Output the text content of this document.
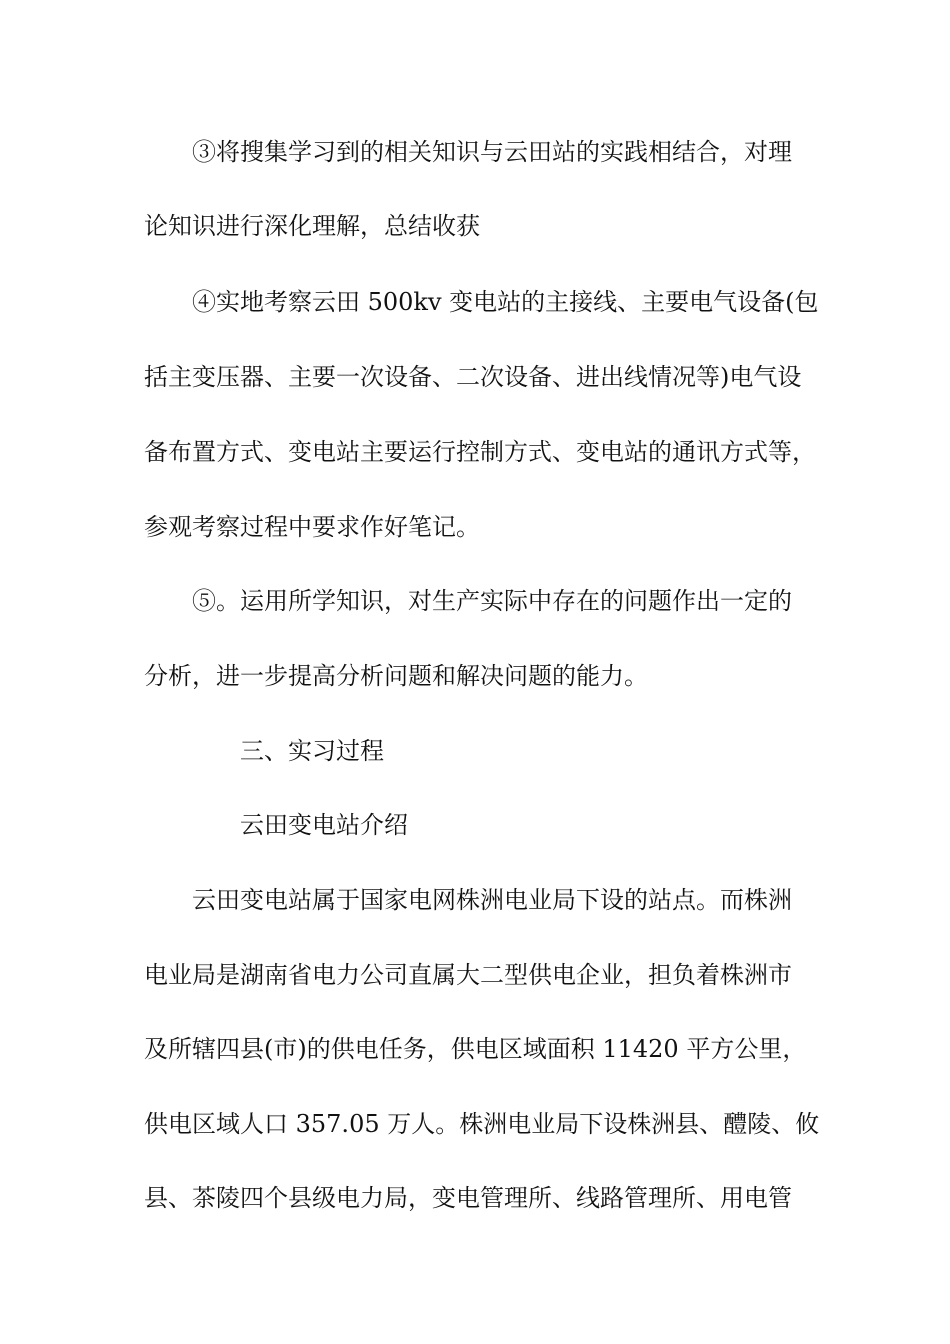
③将搜集学习到的相关知识与云田站的实践相结合，对理
论知识进行深化理解，总结收获
④实地考察云田 500kv 变电站的主接线、主要电气设备(包
括主变压器、主要一次设备、二次设备、进出线情况等)电气设
备布置方式、变电站主要运行控制方式、变电站的通讯方式等，
参观考察过程中要求作好笔记。
⑤。运用所学知识，对生产实际中存在的问题作出一定的
分析，进一步提高分析问题和解决问题的能力。
三、实习过程
云田变电站介绍
云田变电站属于国家电网株洲电业局下设的站点。而株洲
电业局是湖南省电力公司直属大二型供电企业，担负着株洲市
及所辖四县(市)的供电任务，供电区域面积 11420 平方公里，
供电区域人口 357.05 万人。株洲电业局下设株洲县、醴陵、攸
县、茶陵四个县级电力局，变电管理所、线路管理所、用电管
